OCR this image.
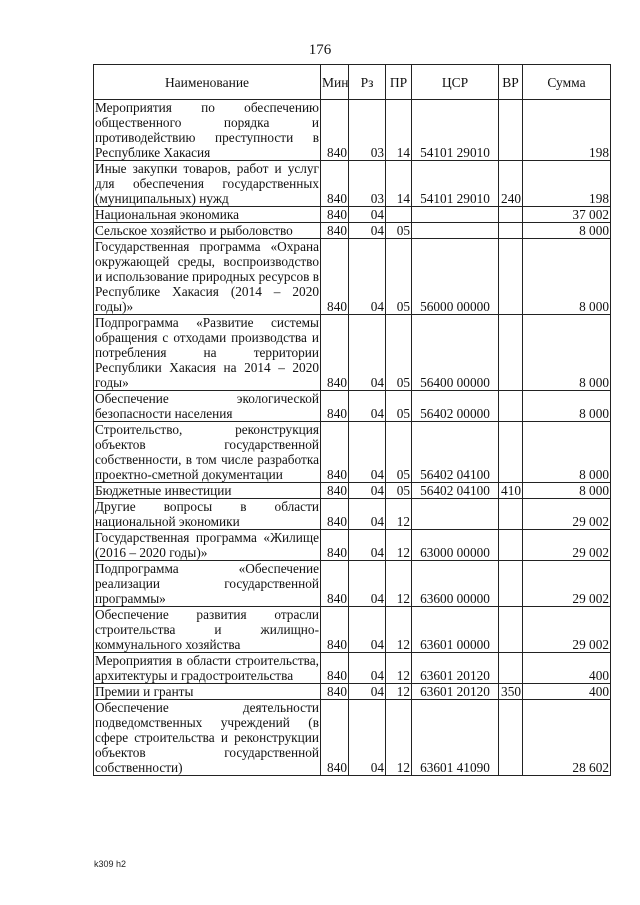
176
Наименование	Мин	Рз	ПР	ЦСР	ВР	Сумма
Мероприятия по обеспечению общественного порядка и противодействию преступности в Республике Хакасия	840	03	14	54101 29010		198
Иные закупки товаров, работ и услуг для обеспечения государственных (муниципальных) нужд	840	03	14	54101 29010	240	198
Национальная экономика	840	04				37 002
Сельское хозяйство и рыболовство	840	04	05			8 000
Государственная программа «Охрана окружающей среды, воспроизводство и использование природных ресурсов в Республике Хакасия (2014 – 2020 годы)»	840	04	05	56000 00000		8 000
Подпрограмма «Развитие системы обращения с отходами производства и потребления на территории Республики Хакасия на 2014 – 2020 годы»	840	04	05	56400 00000		8 000
Обеспечение экологической безопасности населения	840	04	05	56402 00000		8 000
Строительство, реконструкция объектов государственной собственности, в том числе разработка проектно-сметной документации	840	04	05	56402 04100		8 000
Бюджетные инвестиции	840	04	05	56402 04100	410	8 000
Другие вопросы в области национальной экономики	840	04	12			29 002
Государственная программа «Жилище (2016 – 2020 годы)»	840	04	12	63000 00000		29 002
Подпрограмма «Обеспечение реализации государственной программы»	840	04	12	63600 00000		29 002
Обеспечение развития отрасли строительства и жилищно-коммунального хозяйства	840	04	12	63601 00000		29 002
Мероприятия в области строительства, архитектуры и градостроительства	840	04	12	63601 20120		400
Премии и гранты	840	04	12	63601 20120	350	400
Обеспечение деятельности подведомственных учреждений (в сфере строительства и реконструкции объектов государственной собственности)	840	04	12	63601 41090		28 602
k309 h2
